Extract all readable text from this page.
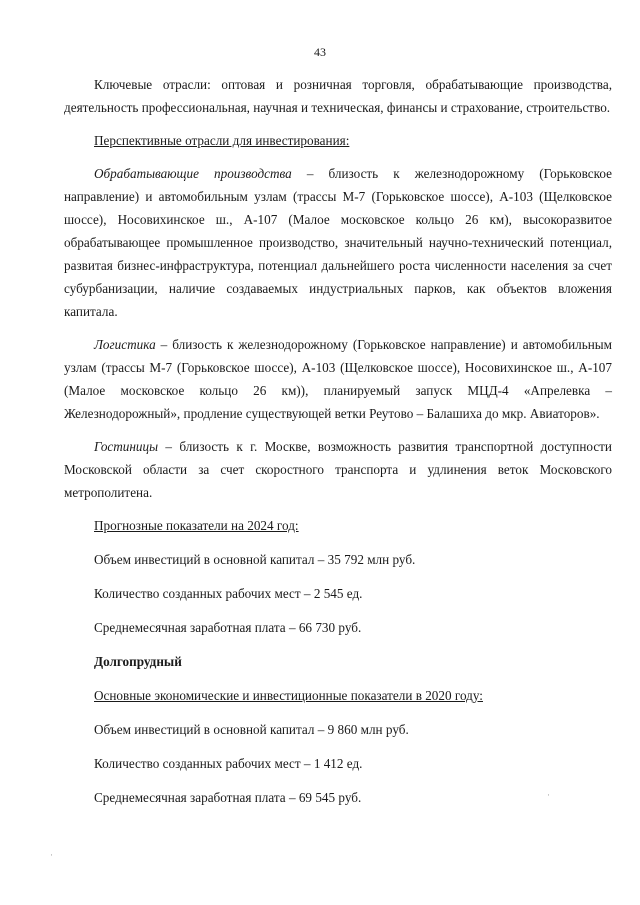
43

Ключевые отрасли: оптовая и розничная торговля, обрабатывающие производства, деятельность профессиональная, научная и техническая, финансы и страхование, строительство.

Перспективные отрасли для инвестирования:

Обрабатывающие производства – близость к железнодорожному (Горьковское направление) и автомобильным узлам (трассы М-7 (Горьковское шоссе), А-103 (Щелковское шоссе), Носовихинское ш., А-107 (Малое московское кольцо 26 км), высокоразвитое обрабатывающее промышленное производство, значительный научно-технический потенциал, развитая бизнес-инфраструктура, потенциал дальнейшего роста численности населения за счет субурбанизации, наличие создаваемых индустриальных парков, как объектов вложения капитала.

Логистика – близость к железнодорожному (Горьковское направление) и автомобильным узлам (трассы М-7 (Горьковское шоссе), А-103 (Щелковское шоссе), Носовихинское ш., А-107 (Малое московское кольцо 26 км)), планируемый запуск МЦД-4 «Апрелевка – Железнодорожный», продление существующей ветки Реутово – Балашиха до мкр. Авиаторов».

Гостиницы – близость к г. Москве, возможность развития транспортной доступности Московской области за счет скоростного транспорта и удлинения веток Московского метрополитена.

Прогнозные показатели на 2024 год:

Объем инвестиций в основной капитал – 35 792 млн руб.

Количество созданных рабочих мест – 2 545 ед.

Среднемесячная заработная плата – 66 730 руб.

Долгопрудный

Основные экономические и инвестиционные показатели в 2020 году:

Объем инвестиций в основной капитал – 9 860 млн руб.

Количество созданных рабочих мест – 1 412 ед.

Среднемесячная заработная плата – 69 545 руб.	·
·
